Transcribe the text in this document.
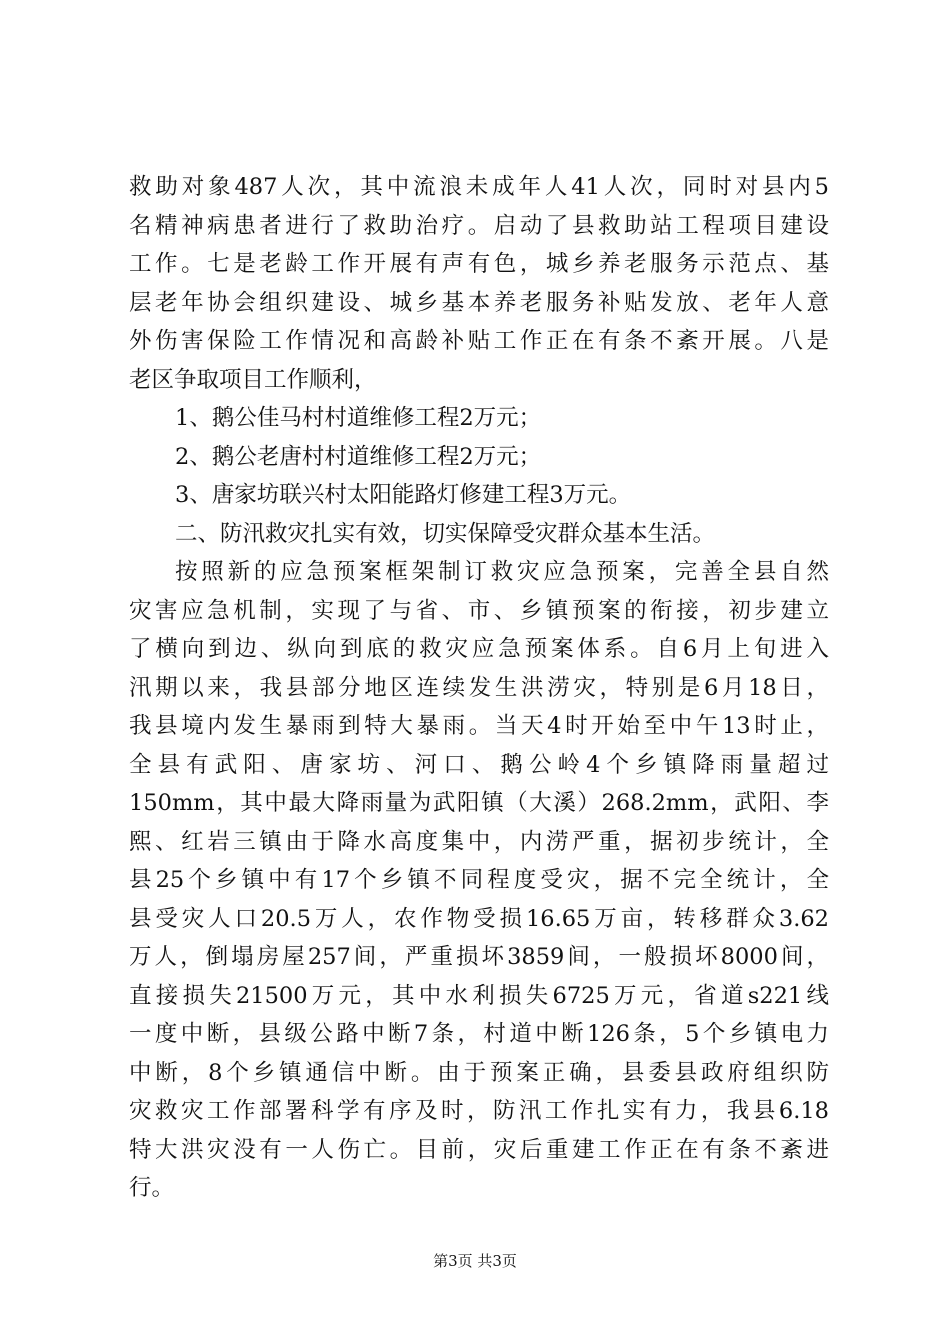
救助对象487人次，其中流浪未成年人41人次，同时对县内5
名精神病患者进行了救助治疗。启动了县救助站工程项目建设
工作。七是老龄工作开展有声有色，城乡养老服务示范点、基
层老年协会组织建设、城乡基本养老服务补贴发放、老年人意
外伤害保险工作情况和高龄补贴工作正在有条不紊开展。八是
老区争取项目工作顺利，
1、鹅公佳马村村道维修工程2万元；
2、鹅公老唐村村道维修工程2万元；
3、唐家坊联兴村太阳能路灯修建工程3万元。
二、防汛救灾扎实有效，切实保障受灾群众基本生活。
按照新的应急预案框架制订救灾应急预案，完善全县自然
灾害应急机制，实现了与省、市、乡镇预案的衔接，初步建立
了横向到边、纵向到底的救灾应急预案体系。自6月上旬进入
汛期以来，我县部分地区连续发生洪涝灾，特别是6月18日，
我县境内发生暴雨到特大暴雨。当天4时开始至中午13时止，
全县有武阳、唐家坊、河口、鹅公岭4个乡镇降雨量超过
150mm，其中最大降雨量为武阳镇（大溪）268.2mm，武阳、李
熙、红岩三镇由于降水高度集中，内涝严重，据初步统计，全
县25个乡镇中有17个乡镇不同程度受灾，据不完全统计，全
县受灾人口20.5万人，农作物受损16.65万亩，转移群众3.62
万人，倒塌房屋257间，严重损坏3859间，一般损坏8000间，
直接损失21500万元，其中水利损失6725万元，省道s221线
一度中断，县级公路中断7条，村道中断126条，5个乡镇电力
中断，8个乡镇通信中断。由于预案正确，县委县政府组织防
灾救灾工作部署科学有序及时，防汛工作扎实有力，我县6.18
特大洪灾没有一人伤亡。目前，灾后重建工作正在有条不紊进
行。
第3页 共3页
